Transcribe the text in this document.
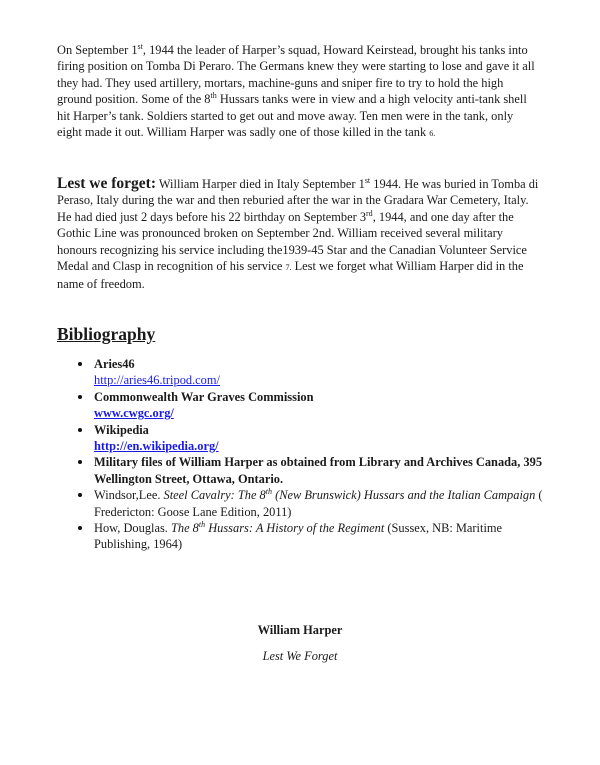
On September 1st, 1944 the leader of Harper’s squad, Howard Keirstead, brought his tanks into firing position on Tomba Di Peraro. The Germans knew they were starting to lose and gave it all they had. They used artillery, mortars, machine-guns and sniper fire to try to hold the high ground position. Some of the 8th Hussars tanks were in view and a high velocity anti-tank shell hit Harper’s tank. Soldiers started to get out and move away. Ten men were in the tank, only eight made it out. William Harper was sadly one of those killed in the tank 6.
Lest we forget: William Harper died in Italy September 1st 1944. He was buried in Tomba di Peraso, Italy during the war and then reburied after the war in the Gradara War Cemetery, Italy. He had died just 2 days before his 22 birthday on September 3rd, 1944, and one day after the Gothic Line was pronounced broken on September 2nd. William received several military honours recognizing his service including the1939-45 Star and the Canadian Volunteer Service Medal and Clasp in recognition of his service 7. Lest we forget what William Harper did in the name of freedom.
Bibliography
Aries46
http://aries46.tripod.com/
Commonwealth War Graves Commission
www.cwgc.org/
Wikipedia
http://en.wikipedia.org/
Military files of William Harper as obtained from Library and Archives Canada, 395 Wellington Street, Ottawa, Ontario.
Windsor,Lee. Steel Cavalry: The 8th (New Brunswick) Hussars and the Italian Campaign ( Fredericton: Goose Lane Edition, 2011)
How, Douglas. The 8th Hussars: A History of the Regiment (Sussex, NB: Maritime Publishing, 1964)
William Harper
Lest We Forget
